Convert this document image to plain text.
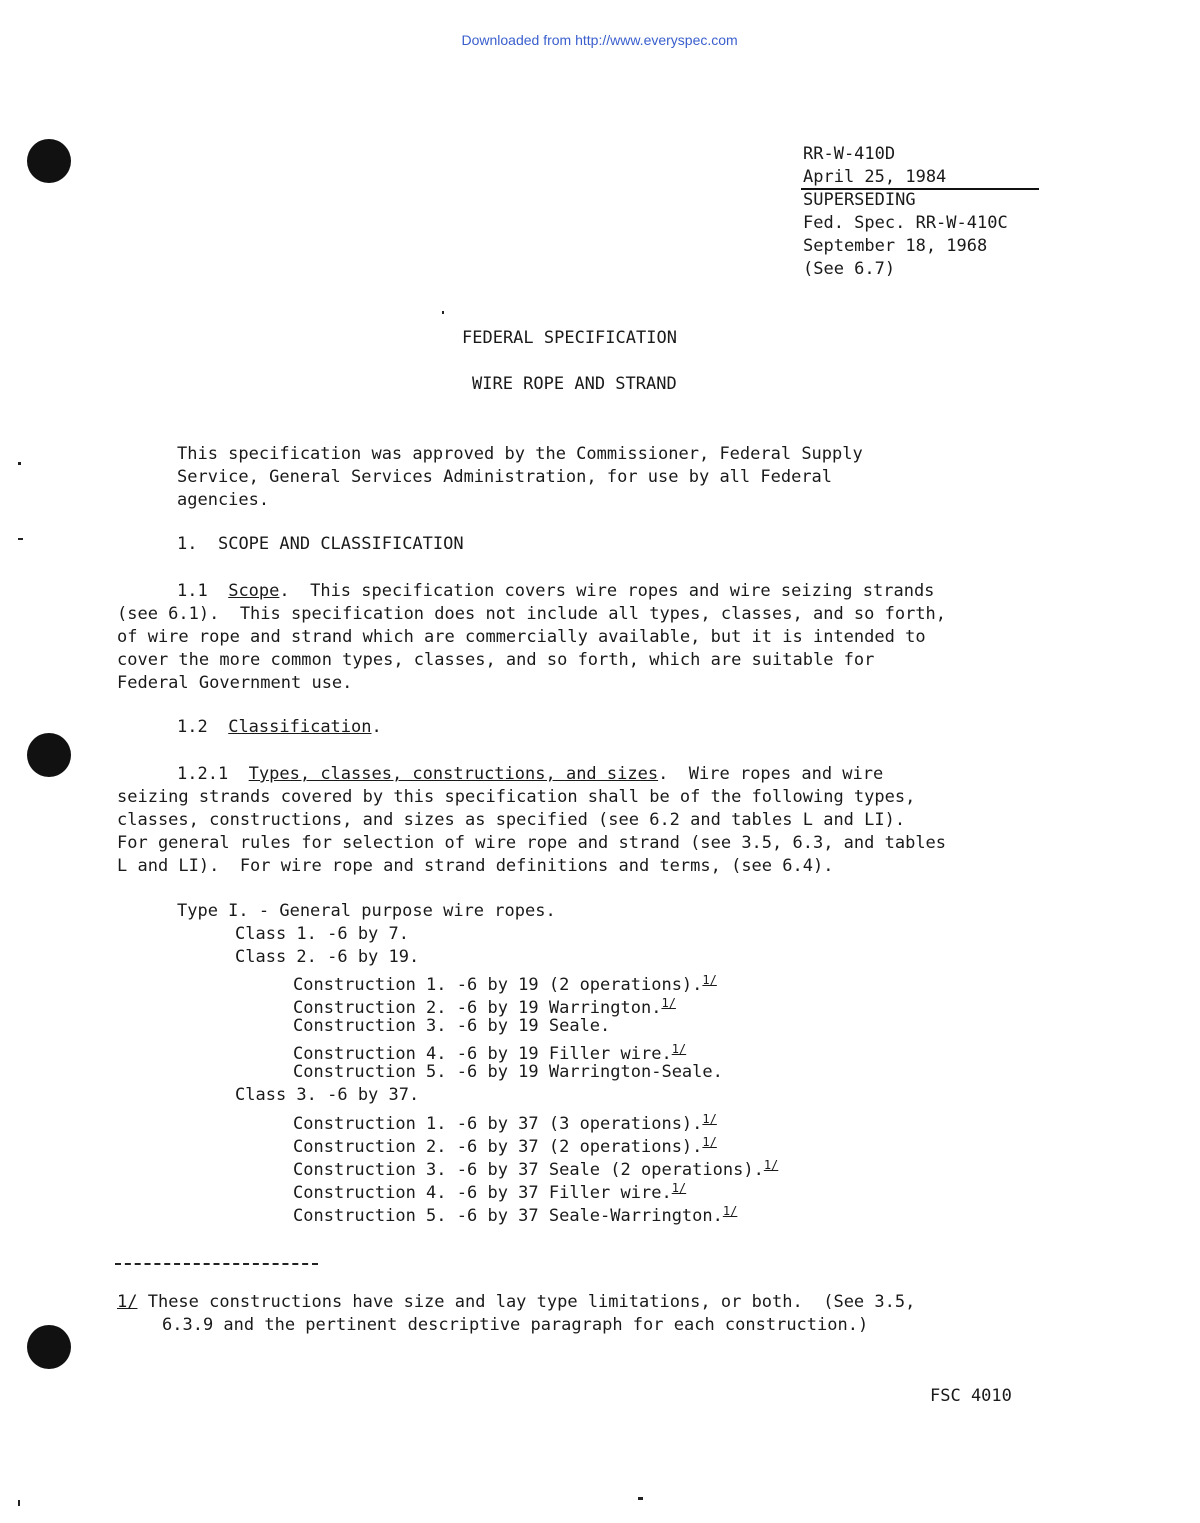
Downloaded from http://www.everyspec.com

RR-W-410D
April 25, 1984
SUPERSEDING
Fed. Spec. RR-W-410C
September 18, 1968
(See 6.7)
FEDERAL SPECIFICATION
WIRE ROPE AND STRAND
This specification was approved by the Commissioner, Federal Supply
Service, General Services Administration, for use by all Federal
agencies.
1. SCOPE AND CLASSIFICATION
1.1 Scope.  This specification covers wire ropes and wire seizing strands
(see 6.1).  This specification does not include all types, classes, and so forth,
of wire rope and strand which are commercially available, but it is intended to
cover the more common types, classes, and so forth, which are suitable for
Federal Government use.
1.2 Classification.
1.2.1 Types, classes, constructions, and sizes.  Wire ropes and wire
seizing strands covered by this specification shall be of the following types,
classes, constructions, and sizes as specified (see 6.2 and tables L and LI).
For general rules for selection of wire rope and strand (see 3.5, 6.3, and tables
L and LI).  For wire rope and strand definitions and terms, (see 6.4).
Type I. - General purpose wire ropes.
Class 1. -6 by 7.
Class 2. -6 by 19.
Construction 1. -6 by 19 (2 operations).$^{1/}$
Construction 2. -6 by 19 Warrington.$^{1/}$
Construction 3. -6 by 19 Seale.
Construction 4. -6 by 19 Filler wire.$^{1/}$
Construction 5. -6 by 19 Warrington-Seale.
Class 3. -6 by 37.
Construction 1. -6 by 37 (3 operations).$^{1/}$
Construction 2. -6 by 37 (2 operations).$^{1/}$
Construction 3. -6 by 37 Seale (2 operations).$^{1/}$
Construction 4. -6 by 37 Filler wire.$^{1/}$
Construction 5. -6 by 37 Seale-Warrington.$^{1/}$
1/ These constructions have size and lay type limitations, or both.  (See 3.5,
6.3.9 and the pertinent descriptive paragraph for each construction.)
FSC 4010
